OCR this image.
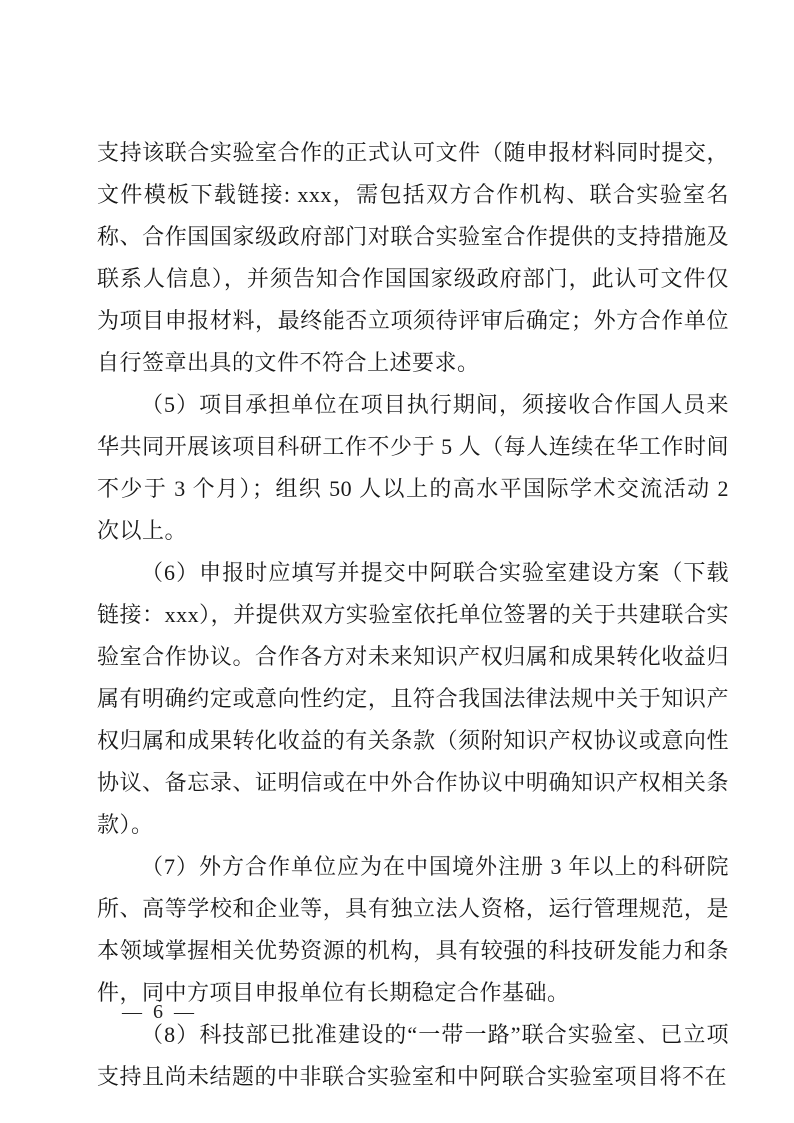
支持该联合实验室合作的正式认可文件（随申报材料同时提交，文件模板下载链接: xxx，需包括双方合作机构、联合实验室名称、合作国国家级政府部门对联合实验室合作提供的支持措施及联系人信息），并须告知合作国国家级政府部门，此认可文件仅为项目申报材料，最终能否立项须待评审后确定；外方合作单位自行签章出具的文件不符合上述要求。

（5）项目承担单位在项目执行期间，须接收合作国人员来华共同开展该项目科研工作不少于 5 人（每人连续在华工作时间不少于 3 个月）；组织 50 人以上的高水平国际学术交流活动 2 次以上。

（6）申报时应填写并提交中阿联合实验室建设方案（下载链接：xxx），并提供双方实验室依托单位签署的关于共建联合实验室合作协议。合作各方对未来知识产权归属和成果转化收益归属有明确约定或意向性约定，且符合我国法律法规中关于知识产权归属和成果转化收益的有关条款（须附知识产权协议或意向性协议、备忘录、证明信或在中外合作协议中明确知识产权相关条款）。

（7）外方合作单位应为在中国境外注册 3 年以上的科研院所、高等学校和企业等，具有独立法人资格，运行管理规范，是本领域掌握相关优势资源的机构，具有较强的科技研发能力和条件，同中方项目申报单位有长期稳定合作基础。

（8）科技部已批准建设的“一带一路”联合实验室、已立项支持且尚未结题的中非联合实验室和中阿联合实验室项目将不在

— 6 —
